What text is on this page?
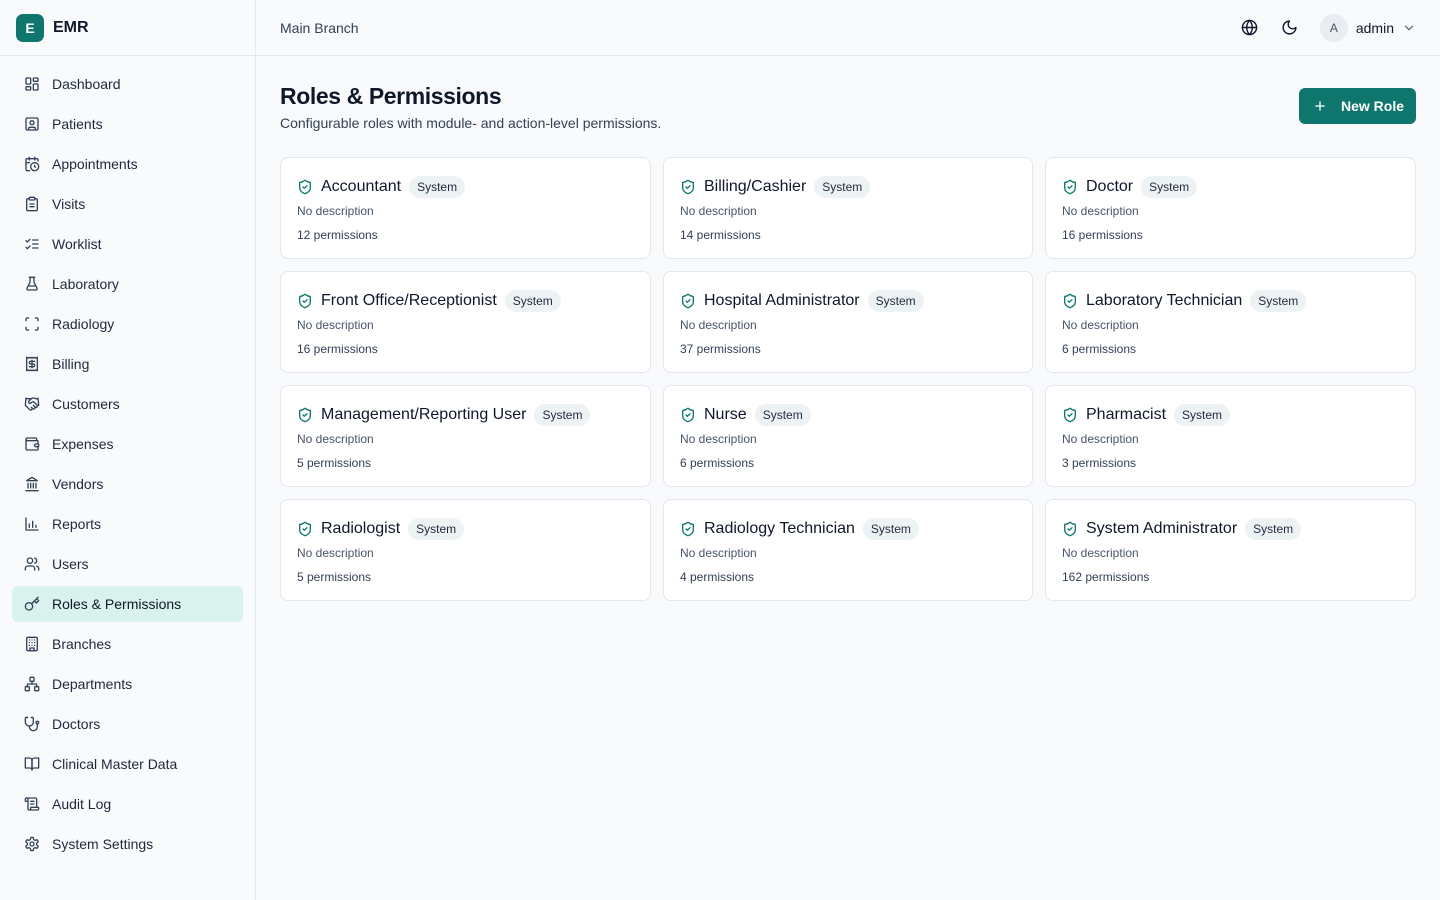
E	EMR
Dashboard
Patients
Appointments
Visits
Worklist
Laboratory
Radiology
Billing
Customers
Expenses
Vendors
Reports
Users
Roles & Permissions
Branches
Departments
Doctors
Clinical Master Data
Audit Log
System Settings
Main Branch	A	admin
Roles & Permissions

Configurable roles with module- and action-level permissions.

New Role
Accountant	System
No description
12 permissions
Billing/Cashier	System
No description
14 permissions
Doctor	System
No description
16 permissions
Front Office/Receptionist	System
No description
16 permissions
Hospital Administrator	System
No description
37 permissions
Laboratory Technician	System
No description
6 permissions
Management/Reporting User	System
No description
5 permissions
Nurse	System
No description
6 permissions
Pharmacist	System
No description
3 permissions
Radiologist	System
No description
5 permissions
Radiology Technician	System
No description
4 permissions
System Administrator	System
No description
162 permissions
